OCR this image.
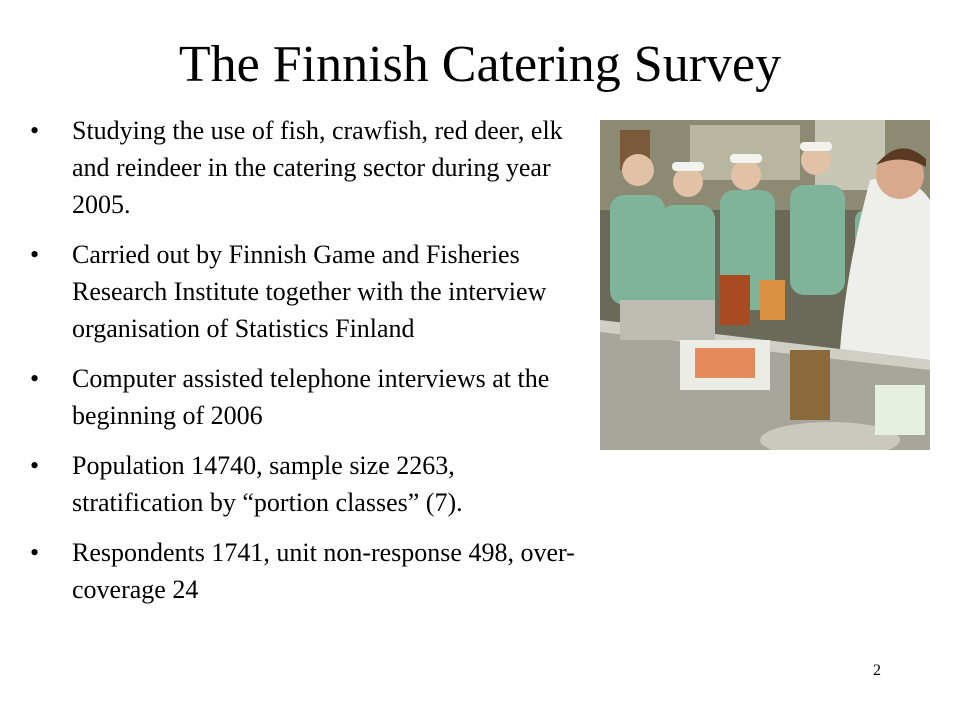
The Finnish Catering Survey
•	Studying the use of fish, crawfish, red deer, elk and reindeer in the catering sector during year 2005.
•	Carried out by Finnish Game and Fisheries Research Institute together with the interview organisation of Statistics Finland
•	Computer assisted telephone interviews at the beginning of 2006
•	Population 14740, sample size 2263, stratification by “portion classes” (7).
•	Respondents 1741, unit non-response 498, over-coverage 24
2
